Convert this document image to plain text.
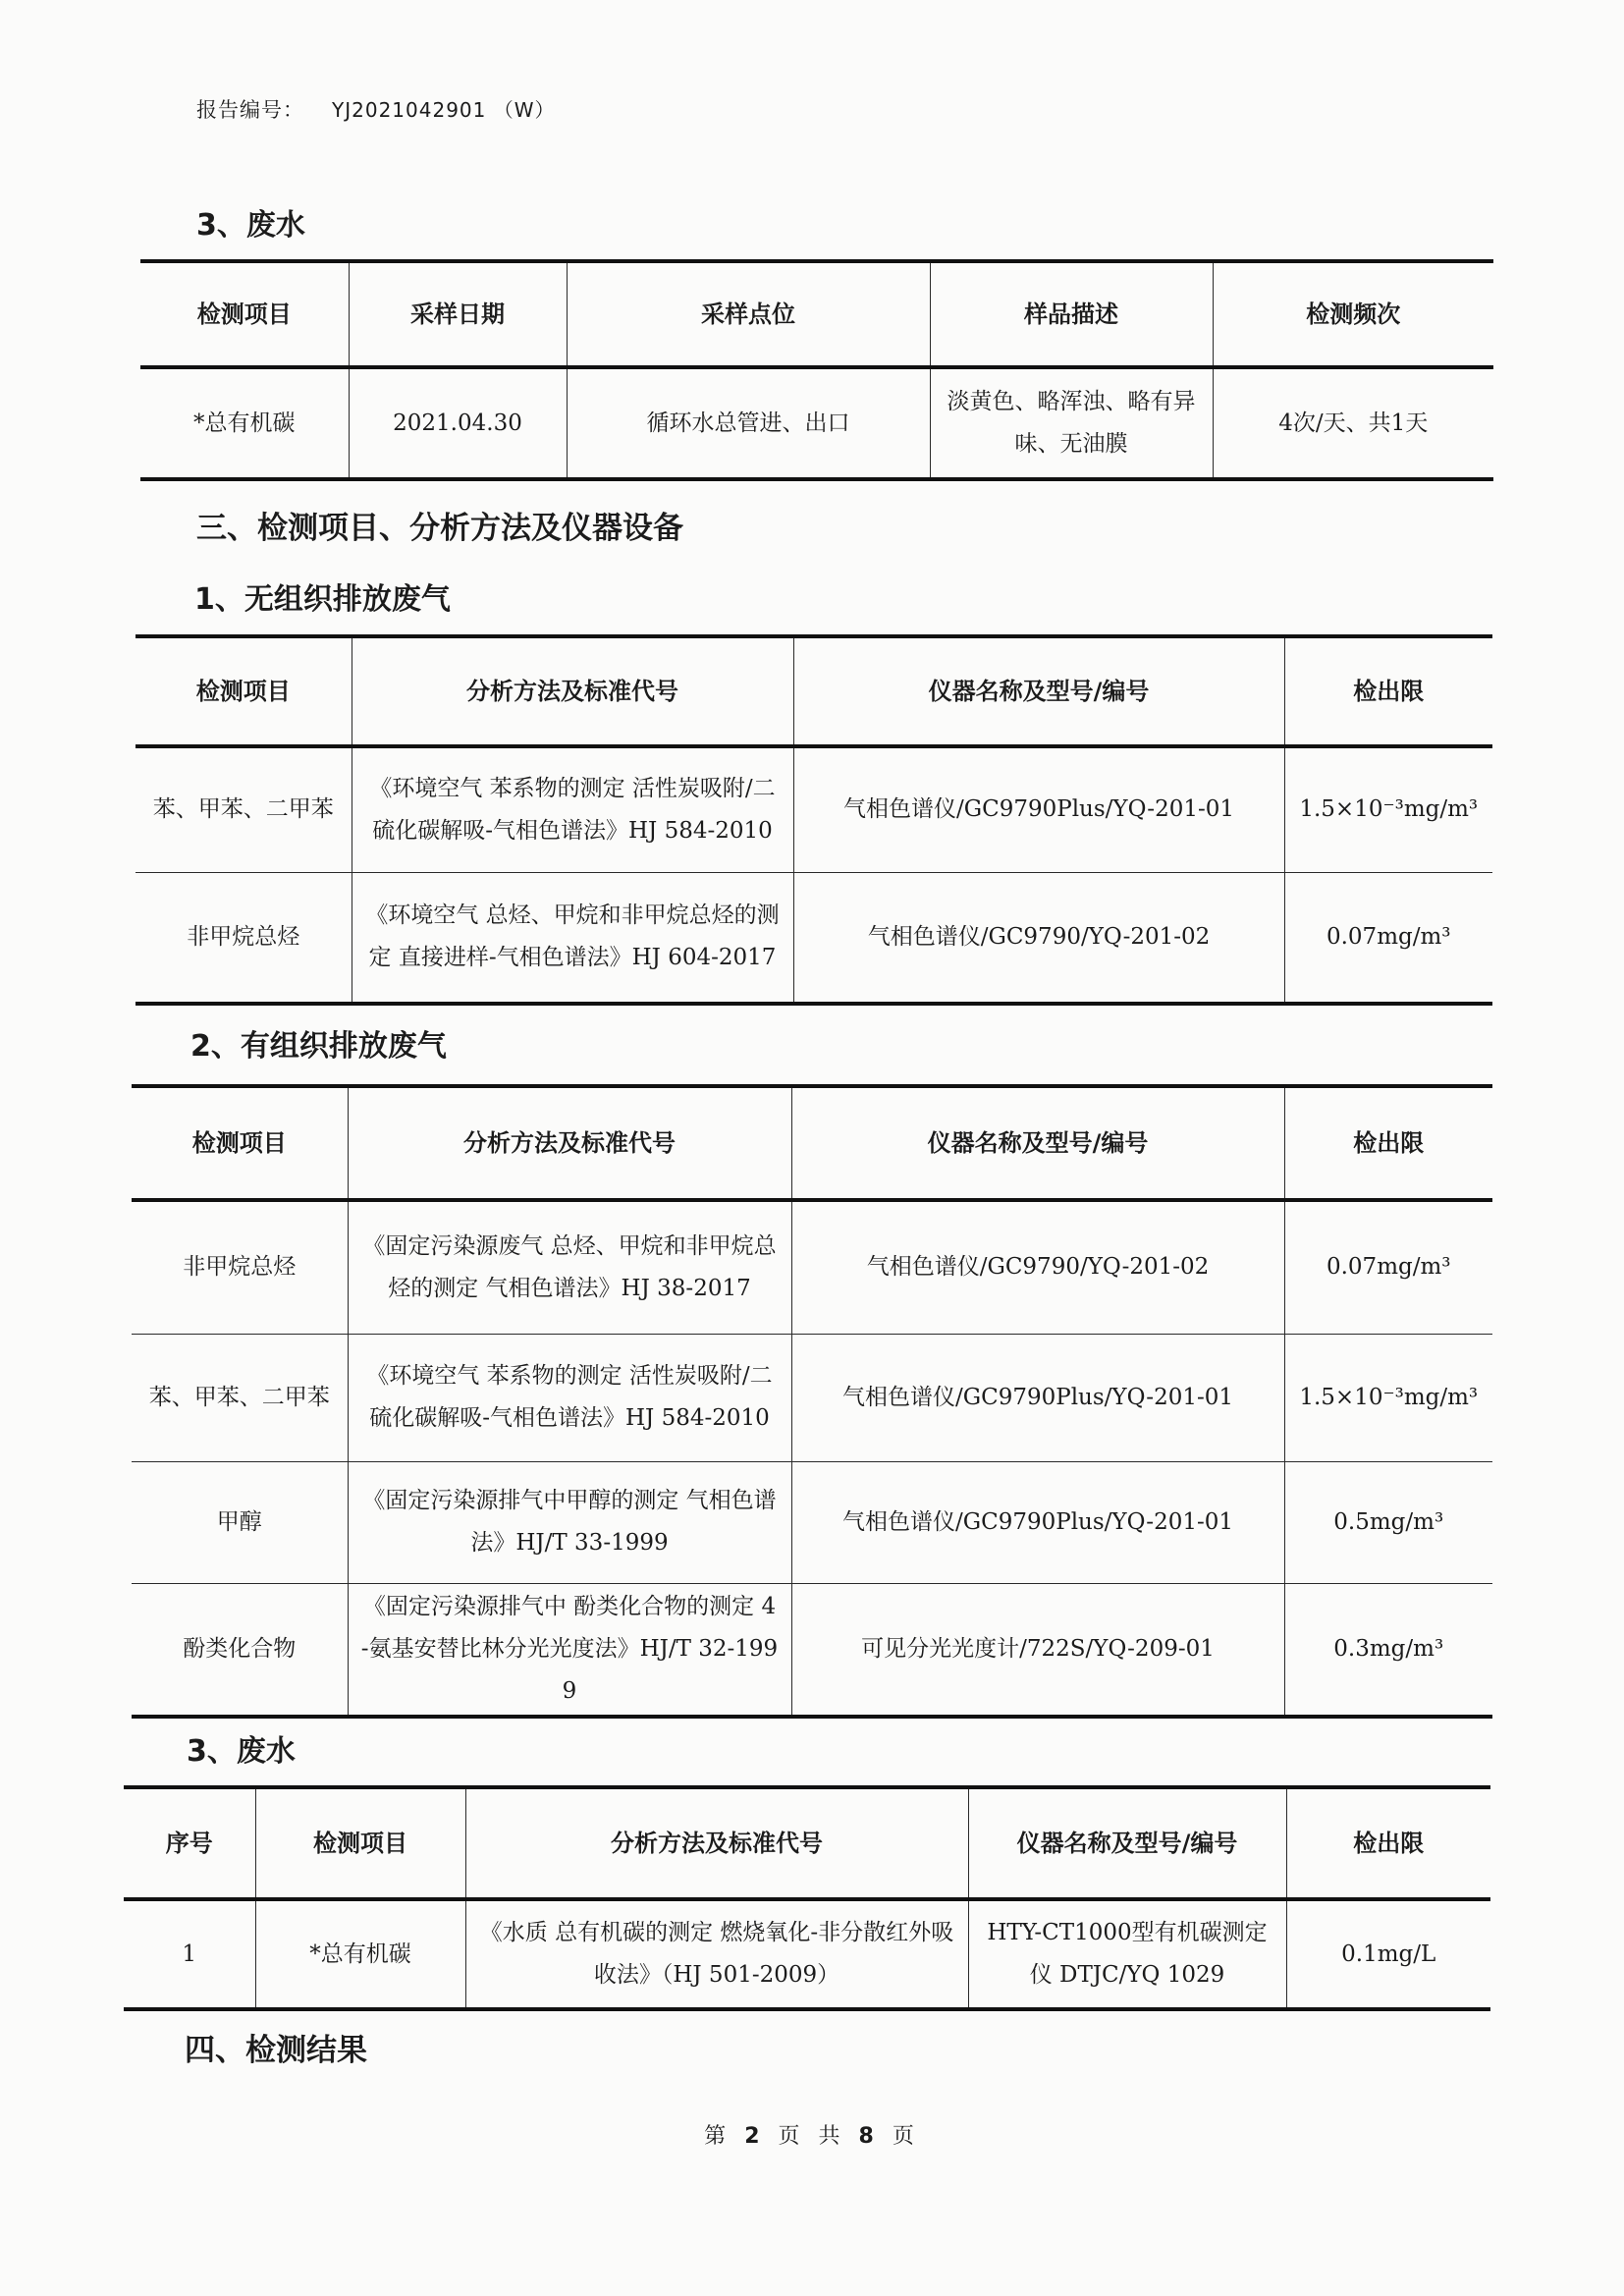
报告编号： YJ2021042901 （W）
3、废水
检测项目	采样日期	采样点位	样品描述	检测频次
*总有机碳	2021.04.30	循环水总管进、出口	淡黄色、略浑浊、略有异味、无油膜	4次/天、共1天
三、检测项目、分析方法及仪器设备
1、无组织排放废气
检测项目	分析方法及标准代号	仪器名称及型号/编号	检出限
苯、甲苯、二甲苯	《环境空气 苯系物的测定 活性炭吸附/二硫化碳解吸-气相色谱法》HJ 584-2010	气相色谱仪/GC9790Plus/YQ-201-01	1.5×10⁻³mg/m³
非甲烷总烃	《环境空气 总烃、甲烷和非甲烷总烃的测定 直接进样-气相色谱法》HJ 604-2017	气相色谱仪/GC9790/YQ-201-02	0.07mg/m³
2、有组织排放废气
检测项目	分析方法及标准代号	仪器名称及型号/编号	检出限
非甲烷总烃	《固定污染源废气 总烃、甲烷和非甲烷总烃的测定 气相色谱法》HJ 38-2017	气相色谱仪/GC9790/YQ-201-02	0.07mg/m³
苯、甲苯、二甲苯	《环境空气 苯系物的测定 活性炭吸附/二硫化碳解吸-气相色谱法》HJ 584-2010	气相色谱仪/GC9790Plus/YQ-201-01	1.5×10⁻³mg/m³
甲醇	《固定污染源排气中甲醇的测定 气相色谱法》HJ/T 33-1999	气相色谱仪/GC9790Plus/YQ-201-01	0.5mg/m³
酚类化合物	《固定污染源排气中 酚类化合物的测定 4-氨基安替比林分光光度法》HJ/T 32-1999	可见分光光度计/722S/YQ-209-01	0.3mg/m³
3、废水
序号	检测项目	分析方法及标准代号	仪器名称及型号/编号	检出限
1	*总有机碳	《水质 总有机碳的测定 燃烧氧化-非分散红外吸收法》（HJ 501-2009）	HTY-CT1000型有机碳测定仪 DTJC/YQ 1029	0.1mg/L
四、检测结果
第 2 页 共 8 页
